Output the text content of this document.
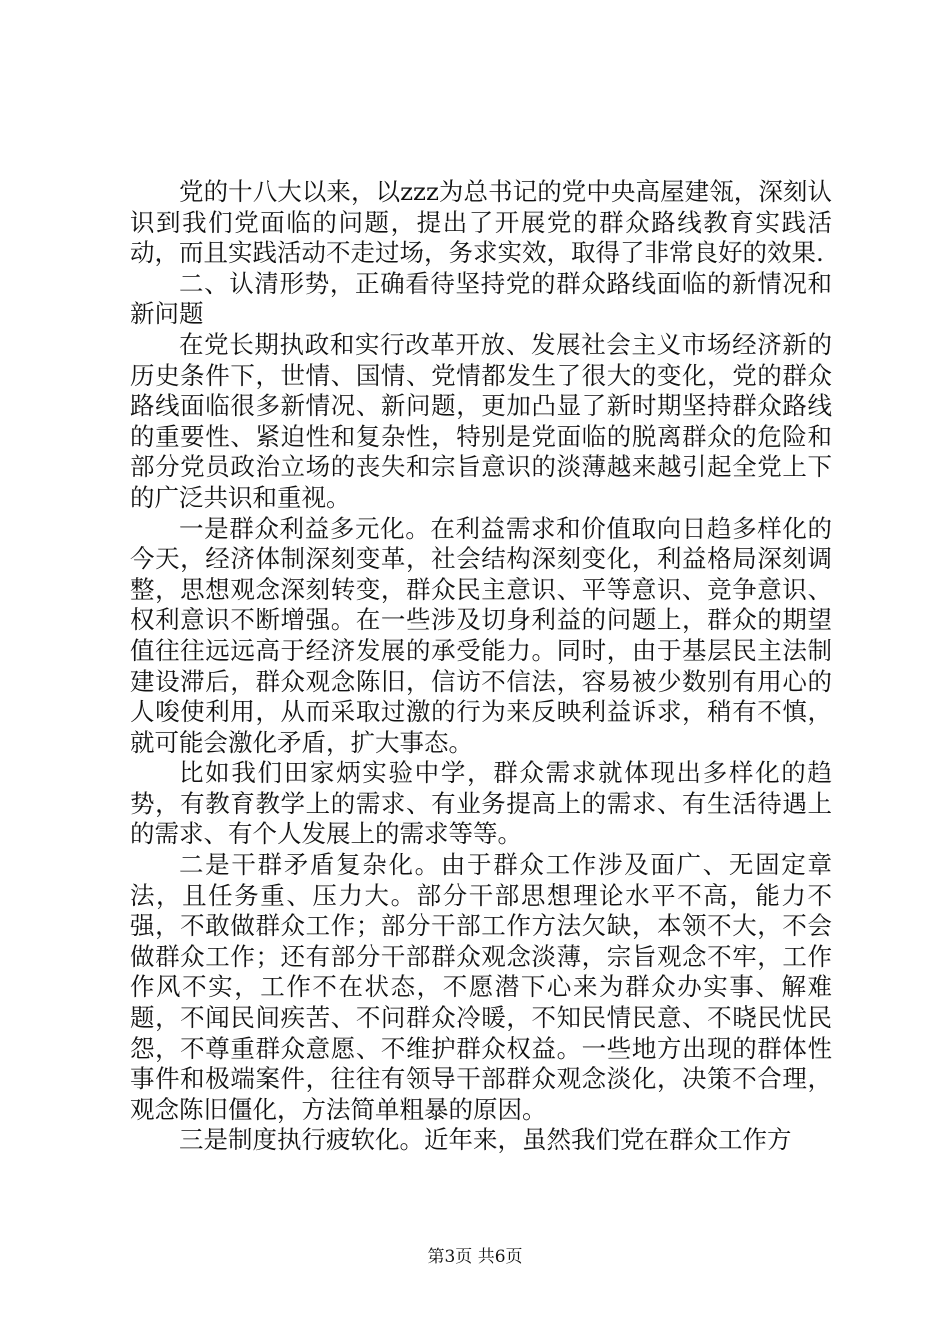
党的十八大以来，以zzz为总书记的党中央高屋建瓴，深刻认识到我们党面临的问题，提出了开展党的群众路线教育实践活动，而且实践活动不走过场，务求实效，取得了非常良好的效果.

二、认清形势，正确看待坚持党的群众路线面临的新情况和新问题

在党长期执政和实行改革开放、发展社会主义市场经济新的历史条件下，世情、国情、党情都发生了很大的变化，党的群众路线面临很多新情况、新问题，更加凸显了新时期坚持群众路线的重要性、紧迫性和复杂性，特别是党面临的脱离群众的危险和部分党员政治立场的丧失和宗旨意识的淡薄越来越引起全党上下的广泛共识和重视。

一是群众利益多元化。在利益需求和价值取向日趋多样化的今天，经济体制深刻变革，社会结构深刻变化，利益格局深刻调整，思想观念深刻转变，群众民主意识、平等意识、竞争意识、权利意识不断增强。在一些涉及切身利益的问题上，群众的期望值往往远远高于经济发展的承受能力。同时，由于基层民主法制建设滞后，群众观念陈旧，信访不信法，容易被少数别有用心的人唆使利用，从而采取过激的行为来反映利益诉求，稍有不慎，就可能会激化矛盾，扩大事态。

比如我们田家炳实验中学，群众需求就体现出多样化的趋势，有教育教学上的需求、有业务提高上的需求、有生活待遇上的需求、有个人发展上的需求等等。

二是干群矛盾复杂化。由于群众工作涉及面广、无固定章法，且任务重、压力大。部分干部思想理论水平不高，能力不强，不敢做群众工作；部分干部工作方法欠缺，本领不大，不会做群众工作；还有部分干部群众观念淡薄，宗旨观念不牢，工作作风不实，工作不在状态，不愿潜下心来为群众办实事、解难题，不闻民间疾苦、不问群众冷暖，不知民情民意、不晓民忧民怨，不尊重群众意愿、不维护群众权益。一些地方出现的群体性事件和极端案件，往往有领导干部群众观念淡化，决策不合理，观念陈旧僵化，方法简单粗暴的原因。

三是制度执行疲软化。近年来，虽然我们党在群众工作方

第3页 共6页
